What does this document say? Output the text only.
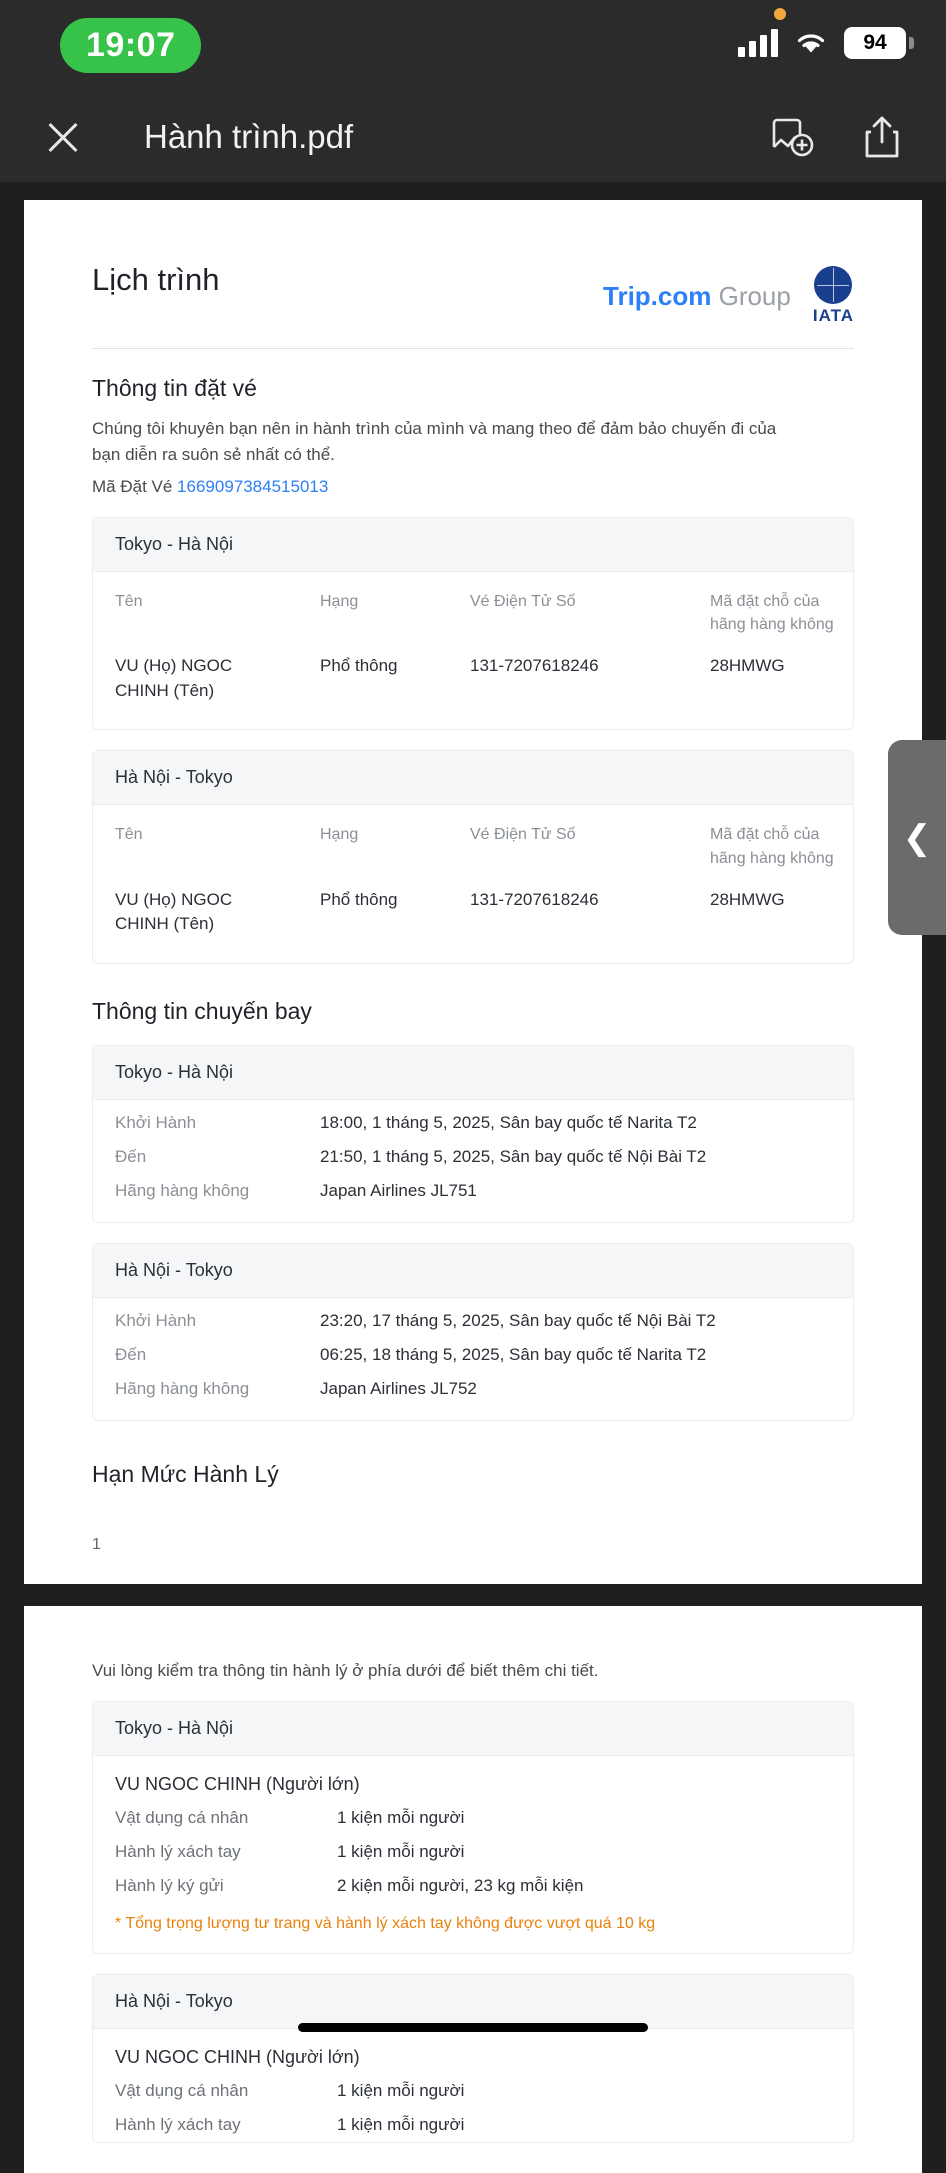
19:07	94
Hành trình.pdf
Lịch trình	Trip.com Group
IATA
Thông tin đặt vé
Chúng tôi khuyên bạn nên in hành trình của mình và mang theo để đảm bảo chuyến đi của bạn diễn ra suôn sẻ nhất có thể.
Mã Đặt Vé 1669097384515013
Tokyo - Hà Nội
Tên	Hạng	Vé Điện Tử Số	Mã đặt chỗ của hãng hàng không
VU (Họ) NGOC CHINH (Tên)	Phổ thông	131-7207618246	28HMWG
Hà Nội - Tokyo
Tên	Hạng	Vé Điện Tử Số	Mã đặt chỗ của hãng hàng không
VU (Họ) NGOC CHINH (Tên)	Phổ thông	131-7207618246	28HMWG
Thông tin chuyến bay
Tokyo - Hà Nội
Khởi Hành	18:00, 1 tháng 5, 2025, Sân bay quốc tế Narita T2
Đến	21:50, 1 tháng 5, 2025, Sân bay quốc tế Nội Bài T2
Hãng hàng không	Japan Airlines JL751
Hà Nội - Tokyo
Khởi Hành	23:20, 17 tháng 5, 2025, Sân bay quốc tế Nội Bài T2
Đến	06:25, 18 tháng 5, 2025, Sân bay quốc tế Narita T2
Hãng hàng không	Japan Airlines JL752
Hạn Mức Hành Lý
1
Vui lòng kiểm tra thông tin hành lý ở phía dưới để biết thêm chi tiết.
Tokyo - Hà Nội
VU NGOC CHINH (Người lớn)
Vật dụng cá nhân	1 kiện mỗi người
Hành lý xách tay	1 kiện mỗi người
Hành lý ký gửi	2 kiện mỗi người, 23 kg mỗi kiện
* Tổng trọng lượng tư trang và hành lý xách tay không được vượt quá 10 kg
Hà Nội - Tokyo
VU NGOC CHINH (Người lớn)
Vật dụng cá nhân	1 kiện mỗi người
Hành lý xách tay	1 kiện mỗi người
❮
